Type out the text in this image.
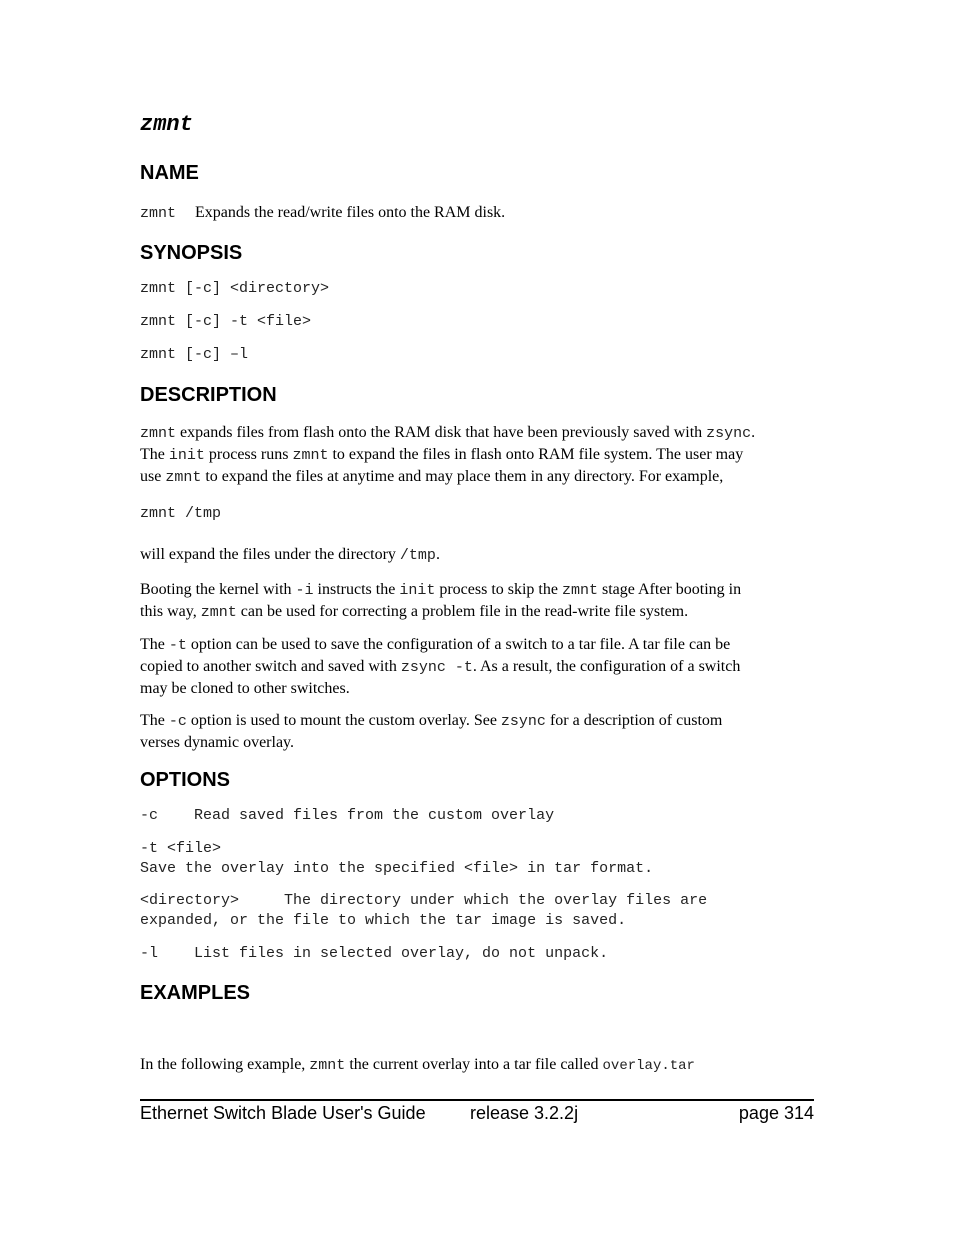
zmnt
NAME
zmnt Expands the read/write files onto the RAM disk.
SYNOPSIS
zmnt [-c] <directory>
zmnt [-c] -t <file>
zmnt [-c] –l
DESCRIPTION
zmnt expands files from flash onto the RAM disk that have been previously saved with zsync.
The init process runs zmnt to expand the files in flash onto RAM file system. The user may
use zmnt to expand the files at anytime and may place them in any directory. For example,
zmnt /tmp
will expand the files under the directory /tmp.
Booting the kernel with -i instructs the init process to skip the zmnt stage After booting in
this way, zmnt can be used for correcting a problem file in the read-write file system.
The -t option can be used to save the configuration of a switch to a tar file. A tar file can be
copied to another switch and saved with zsync -t. As a result, the configuration of a switch
may be cloned to other switches.
The -c option is used to mount the custom overlay. See zsync for a description of custom
verses dynamic overlay.
OPTIONS
-c    Read saved files from the custom overlay
-t <file>
Save the overlay into the specified <file> in tar format.
<directory>     The directory under which the overlay files are
expanded, or the file to which the tar image is saved.
-l    List files in selected overlay, do not unpack.
EXAMPLES
In the following example, zmnt the current overlay into a tar file called overlay.tar
Ethernet Switch Blade User's Guide release 3.2.2j	page 314
